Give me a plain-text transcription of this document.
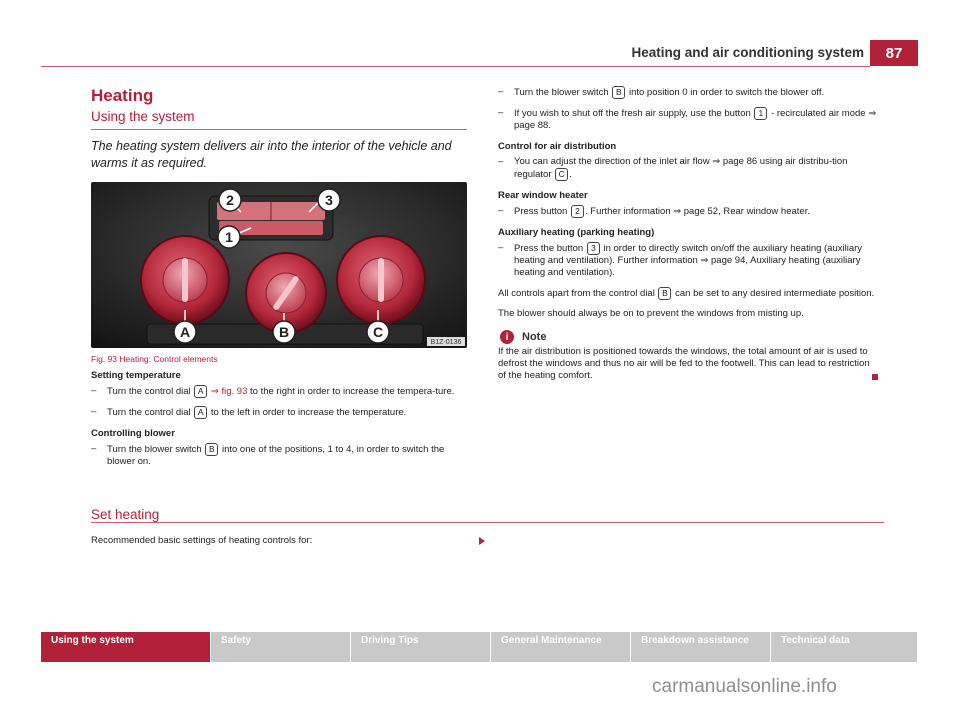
Heating and air conditioning system	87
Heating
Using the system
The heating system delivers air into the interior of the vehicle and warms it as required.
2	3
1
A	B	C
B1Z-0136
Fig. 93 Heating: Control elements
Setting temperature
–	Turn the control dial A ⇒ fig. 93 to the right in order to increase the tempera-ture.
–	Turn the control dial A to the left in order to increase the temperature.
Controlling blower
–	Turn the blower switch B into one of the positions, 1 to 4, in order to switch the blower on.
–	Turn the blower switch B into position 0 in order to switch the blower off.
–	If you wish to shut off the fresh air supply, use the button 1 - recirculated air mode ⇒ page 88.
Control for air distribution
–	You can adjust the direction of the inlet air flow ⇒ page 86 using air distribu-tion regulator C .
Rear window heater
–	Press button 2 . Further information ⇒ page 52, Rear window heater.
Auxiliary heating (parking heating)
–	Press the button 3 in order to directly switch on/off the auxiliary heating (auxiliary heating and ventilation). Further information ⇒ page 94, Auxiliary heating (auxiliary heating and ventilation).
All controls apart from the control dial B can be set to any desired intermediate position.
The blower should always be on to prevent the windows from misting up.
i	Note
If the air distribution is positioned towards the windows, the total amount of air is used to defrost the windows and thus no air will be fed to the footwell. This can lead to restriction of the heating comfort.
Set heating
Recommended basic settings of heating controls for:
Using the system	Safety	Driving Tips	General Maintenance	Breakdown assistance	Technical data
carmanualsonline.info
